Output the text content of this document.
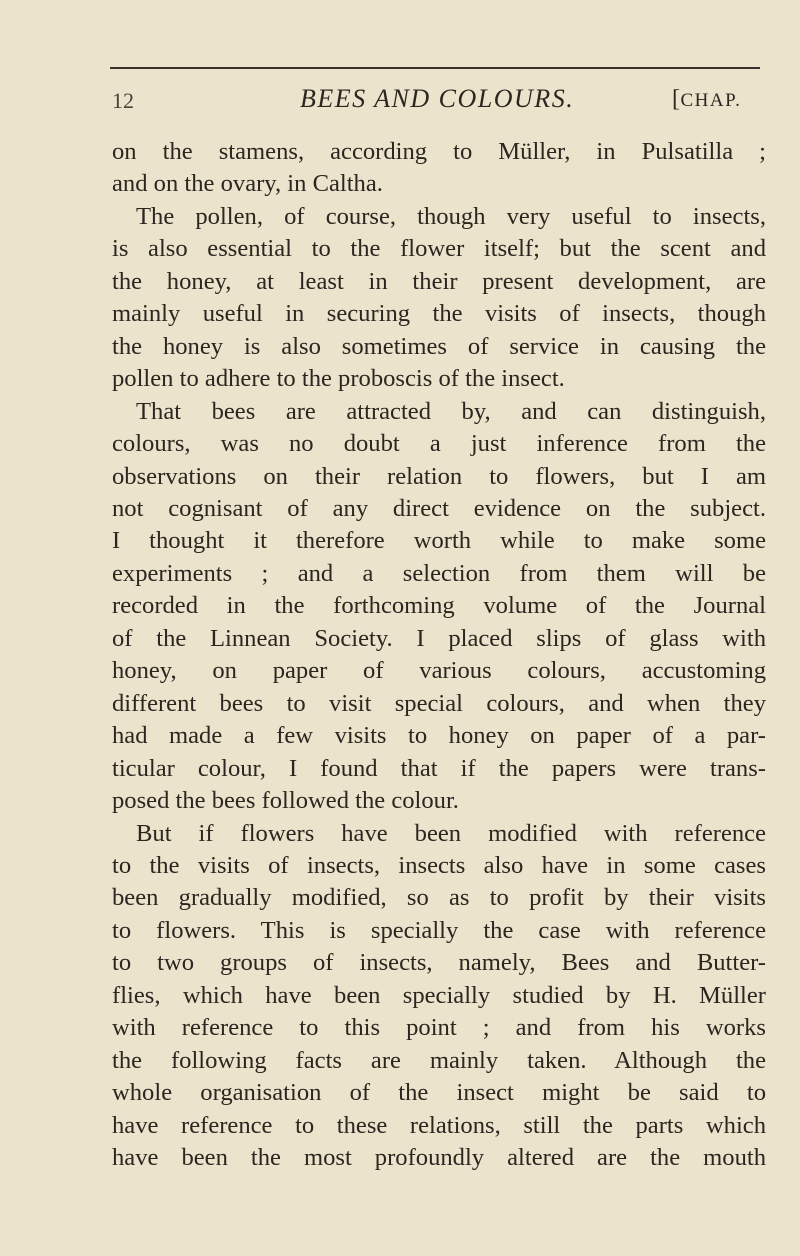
12	BEES AND COLOURS.	[CHAP.
on the stamens, according to Müller, in Pulsatilla ;
and on the ovary, in Caltha.
The pollen, of course, though very useful to insects,
is also essential to the flower itself; but the scent and
the honey, at least in their present development, are
mainly useful in securing the visits of insects, though
the honey is also sometimes of service in causing the
pollen to adhere to the proboscis of the insect.
That bees are attracted by, and can distinguish,
colours, was no doubt a just inference from the
observations on their relation to flowers, but I am
not cognisant of any direct evidence on the subject.
I thought it therefore worth while to make some
experiments ; and a selection from them will be
recorded in the forthcoming volume of the Journal
of the Linnean Society. I placed slips of glass with
honey, on paper of various colours, accustoming
different bees to visit special colours, and when they
had made a few visits to honey on paper of a par-
ticular colour, I found that if the papers were trans-
posed the bees followed the colour.
But if flowers have been modified with reference
to the visits of insects, insects also have in some cases
been gradually modified, so as to profit by their visits
to flowers. This is specially the case with reference
to two groups of insects, namely, Bees and Butter-
flies, which have been specially studied by H. Müller
with reference to this point ; and from his works
the following facts are mainly taken. Although the
whole organisation of the insect might be said to
have reference to these relations, still the parts which
have been the most profoundly altered are the mouth
